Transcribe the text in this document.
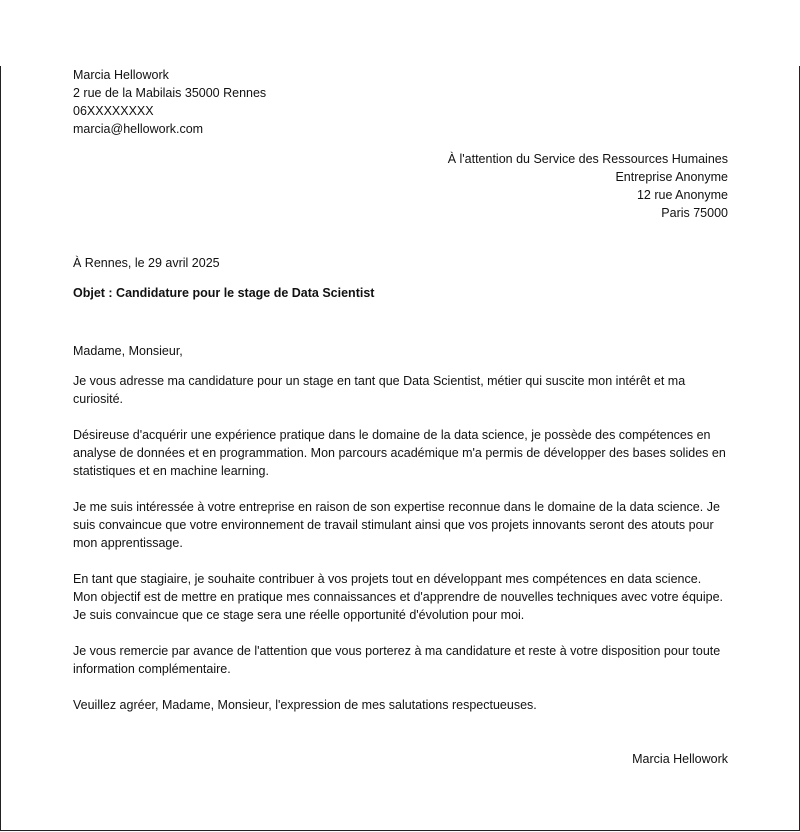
Marcia Hellowork
2 rue de la Mabilais 35000 Rennes
06XXXXXXXX
marcia@hellowork.com
À l'attention du Service des Ressources Humaines
Entreprise Anonyme
12 rue Anonyme
Paris 75000
À Rennes, le 29 avril 2025
Objet : Candidature pour le stage de Data Scientist
Madame, Monsieur,
Je vous adresse ma candidature pour un stage en tant que Data Scientist, métier qui suscite mon intérêt et ma curiosité.
Désireuse d'acquérir une expérience pratique dans le domaine de la data science, je possède des compétences en analyse de données et en programmation. Mon parcours académique m'a permis de développer des bases solides en statistiques et en machine learning.
Je me suis intéressée à votre entreprise en raison de son expertise reconnue dans le domaine de la data science. Je suis convaincue que votre environnement de travail stimulant ainsi que vos projets innovants seront des atouts pour mon apprentissage.
En tant que stagiaire, je souhaite contribuer à vos projets tout en développant mes compétences en data science. Mon objectif est de mettre en pratique mes connaissances et d'apprendre de nouvelles techniques avec votre équipe. Je suis convaincue que ce stage sera une réelle opportunité d'évolution pour moi.
Je vous remercie par avance de l'attention que vous porterez à ma candidature et reste à votre disposition pour toute information complémentaire.
Veuillez agréer, Madame, Monsieur, l'expression de mes salutations respectueuses.
Marcia Hellowork
